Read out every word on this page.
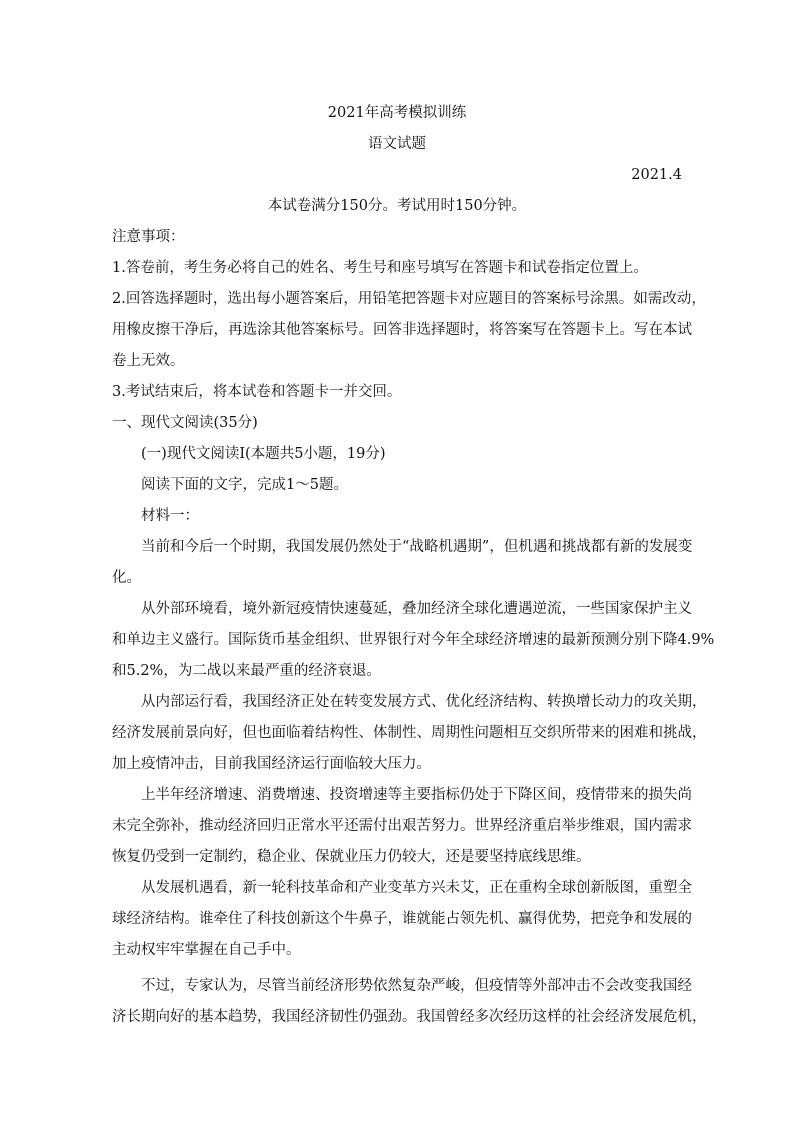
2021年高考模拟训练
语文试题
2021.4
本试卷满分150分。考试用时150分钟。
注意事项：
1.答卷前，考生务必将自己的姓名、考生号和座号填写在答题卡和试卷指定位置上。
2.回答选择题时，选出每小题答案后，用铅笔把答题卡对应题目的答案标号涂黑。如需改动，
用橡皮擦干净后，再选涂其他答案标号。回答非选择题时，将答案写在答题卡上。写在本试
卷上无效。
3.考试结束后，将本试卷和答题卡一并交回。
一、现代文阅读(35分)
(一)现代文阅读I(本题共5小题，19分)
阅读下面的文字，完成1～5题。
材料一：
当前和今后一个时期，我国发展仍然处于“战略机遇期”，但机遇和挑战都有新的发展变
化。
从外部环境看，境外新冠疫情快速蔓延，叠加经济全球化遭遇逆流，一些国家保护主义
和单边主义盛行。国际货币基金组织、世界银行对今年全球经济增速的最新预测分别下降4.9%
和5.2%，为二战以来最严重的经济衰退。
从内部运行看，我国经济正处在转变发展方式、优化经济结构、转换增长动力的攻关期，
经济发展前景向好，但也面临着结构性、体制性、周期性问题相互交织所带来的困难和挑战，
加上疫情冲击，目前我国经济运行面临较大压力。
上半年经济增速、消费增速、投资增速等主要指标仍处于下降区间，疫情带来的损失尚
未完全弥补，推动经济回归正常水平还需付出艰苦努力。世界经济重启举步维艰，国内需求
恢复仍受到一定制约，稳企业、保就业压力仍较大，还是要坚持底线思维。
从发展机遇看，新一轮科技革命和产业变革方兴未艾，正在重构全球创新版图，重塑全
球经济结构。谁牵住了科技创新这个牛鼻子，谁就能占领先机、赢得优势，把竞争和发展的
主动权牢牢掌握在自己手中。
不过，专家认为，尽管当前经济形势依然复杂严峻，但疫情等外部冲击不会改变我国经
济长期向好的基本趋势，我国经济韧性仍强劲。我国曾经多次经历这样的社会经济发展危机，
